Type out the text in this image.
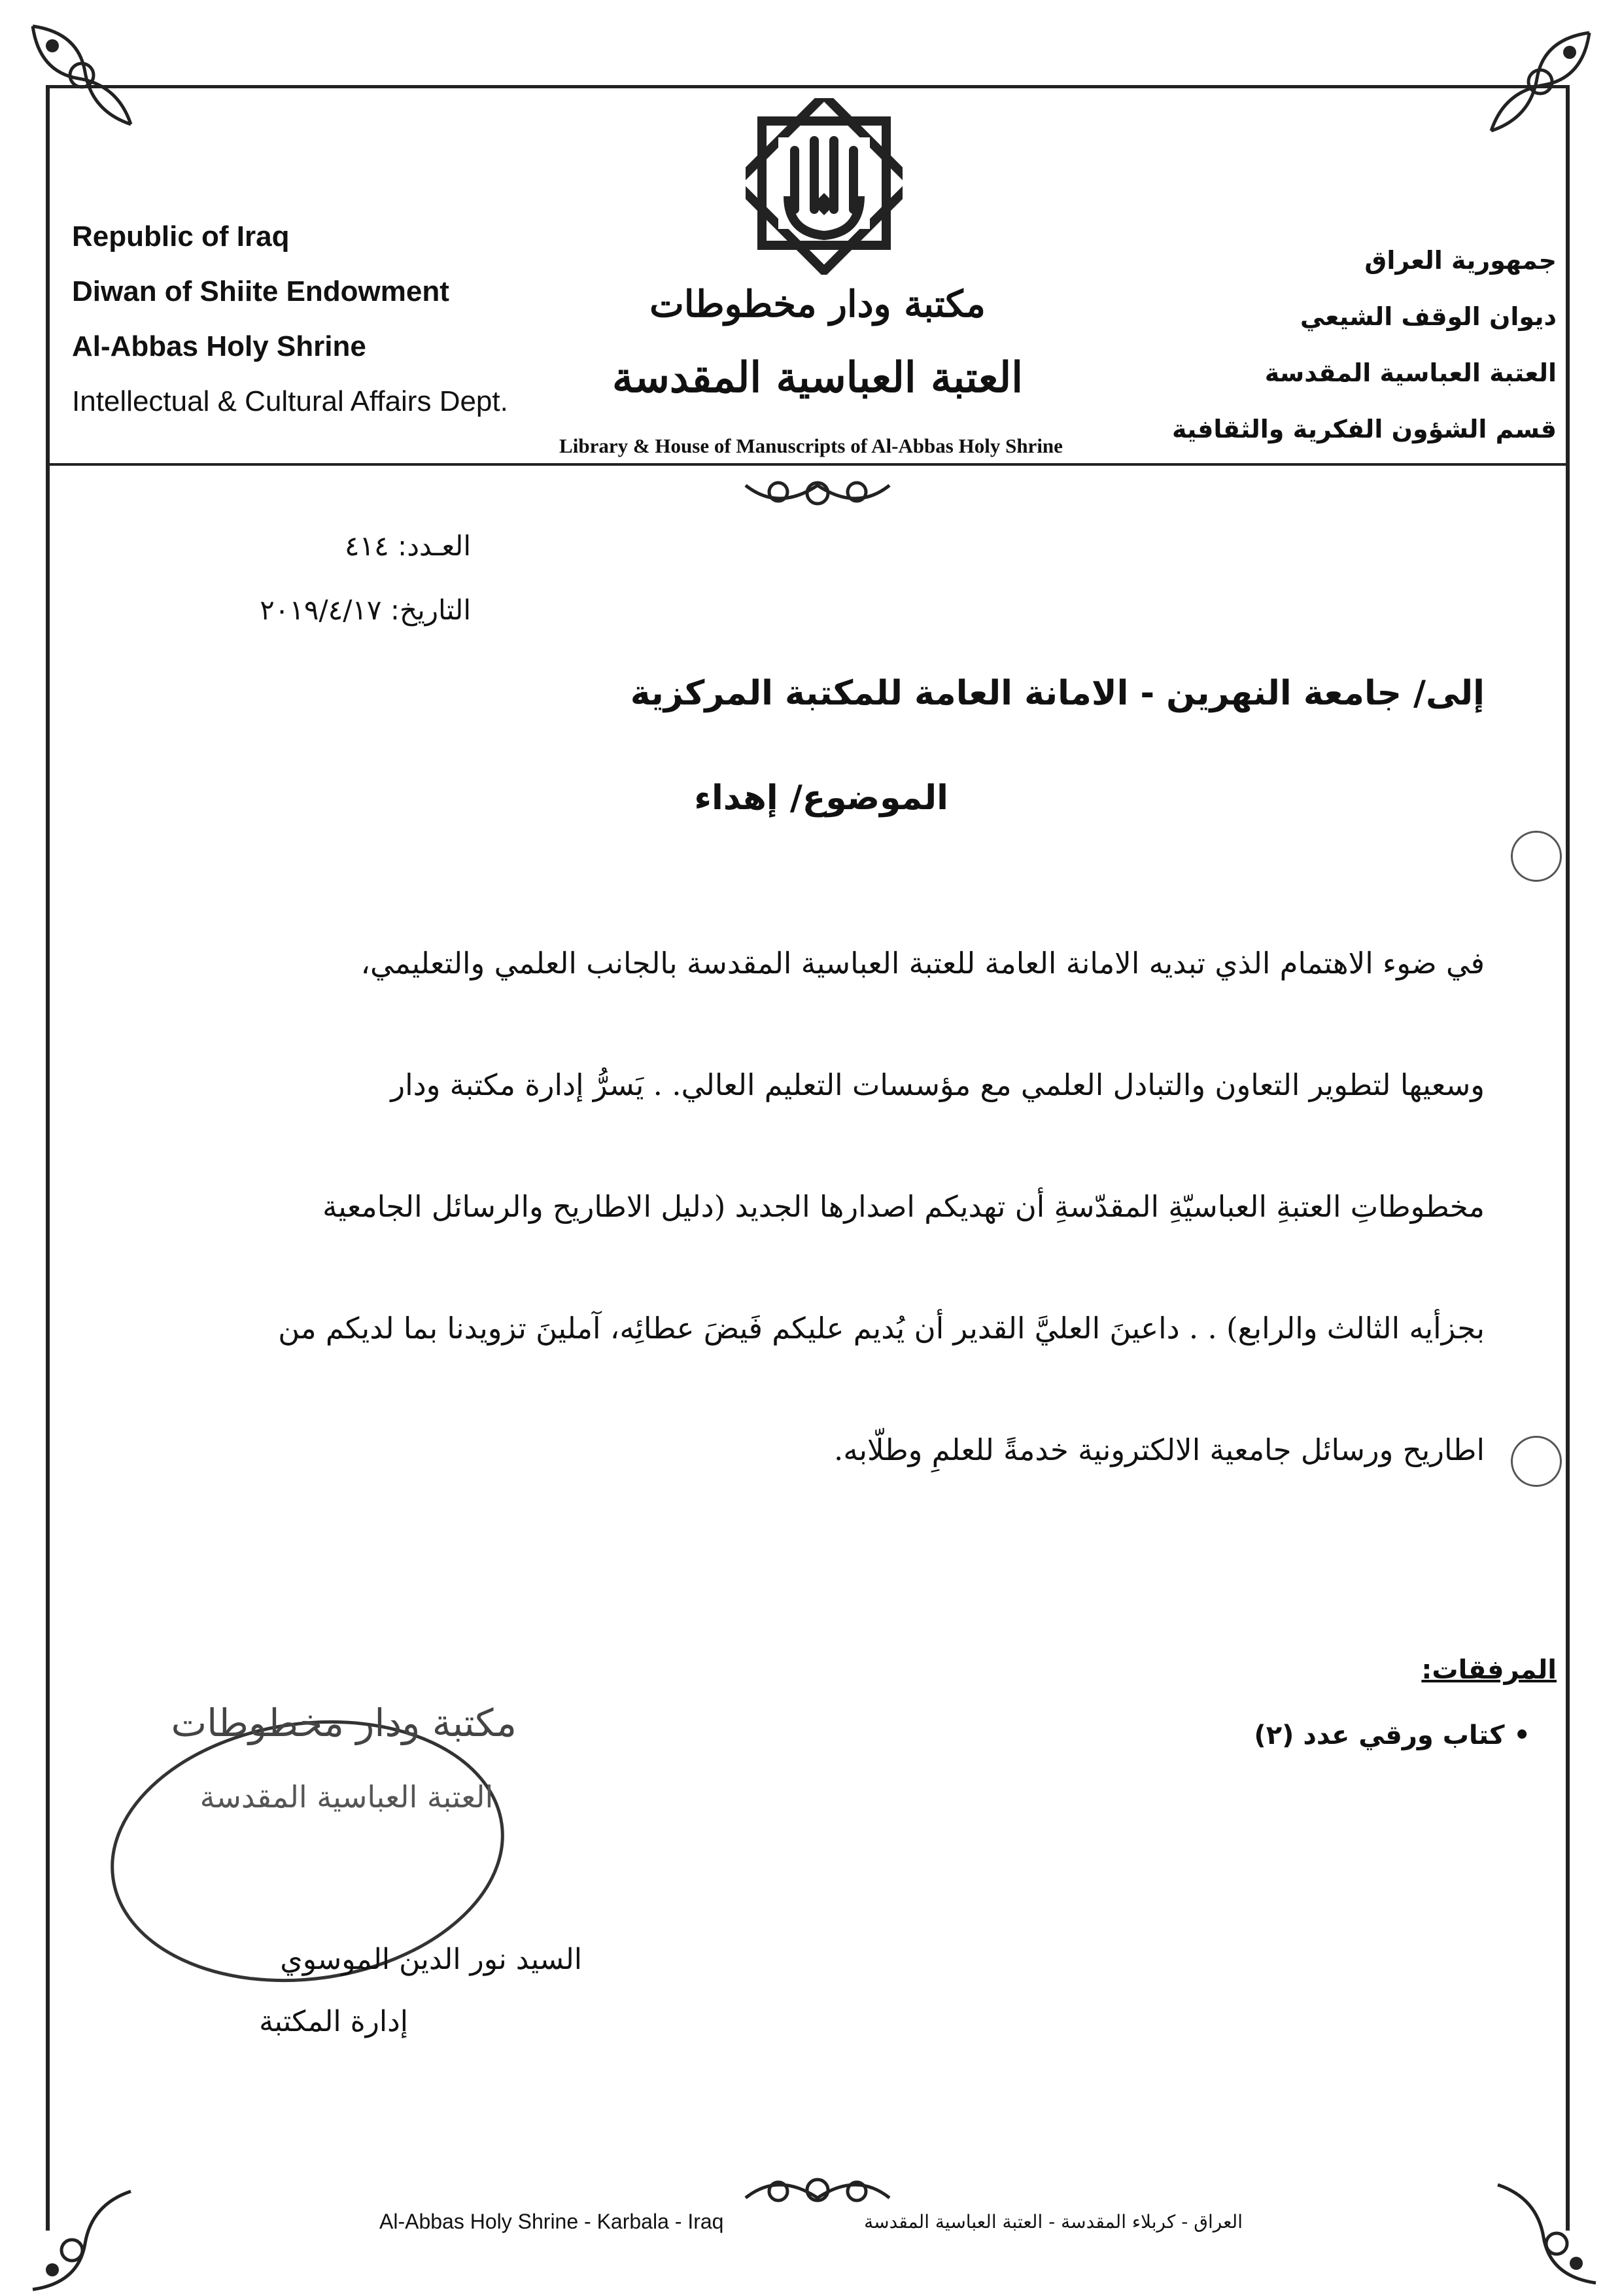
Republic of Iraq
Diwan of Shiite Endowment
Al-Abbas Holy Shrine
Intellectual & Cultural Affairs Dept.
جمهورية العراق
ديوان الوقف الشيعي
العتبة العباسية المقدسة
قسم الشؤون الفكرية والثقافية
مكتبة ودار مخطوطات
العتبة العباسية المقدسة
Library & House of Manuscripts of Al-Abbas Holy Shrine
العـدد: ٤١٤
التاريخ: ٢٠١٩/٤/١٧
إلى/ جامعة النهرين - الامانة العامة للمكتبة المركزية
الموضوع/ إهداء
في ضوء الاهتمام الذي تبديه الامانة العامة للعتبة العباسية المقدسة بالجانب العلمي والتعليمي،
وسعيها لتطوير التعاون والتبادل العلمي مع مؤسسات التعليم العالي. . يَسرُّ إدارة مكتبة ودار
مخطوطاتِ العتبةِ العباسيّةِ المقدّسةِ أن تهديكم اصدارها الجديد (دليل الاطاريح والرسائل الجامعية
بجزأيه الثالث والرابع) . . داعينَ العليَّ القدير أن يُديم عليكم فَيضَ عطائِه، آملينَ تزويدنا بما لديكم من
اطاريح ورسائل جامعية الالكترونية خدمةً للعلمِ وطلّابه.
المرفقات:
• كتاب ورقي عدد (٢)
مكتبة ودار مخطوطات
العتبة العباسية المقدسة
السيد نور الدين الموسوي
إدارة المكتبة
Al-Abbas Holy Shrine - Karbala - Iraq	العراق - كربلاء المقدسة - العتبة العباسية المقدسة
